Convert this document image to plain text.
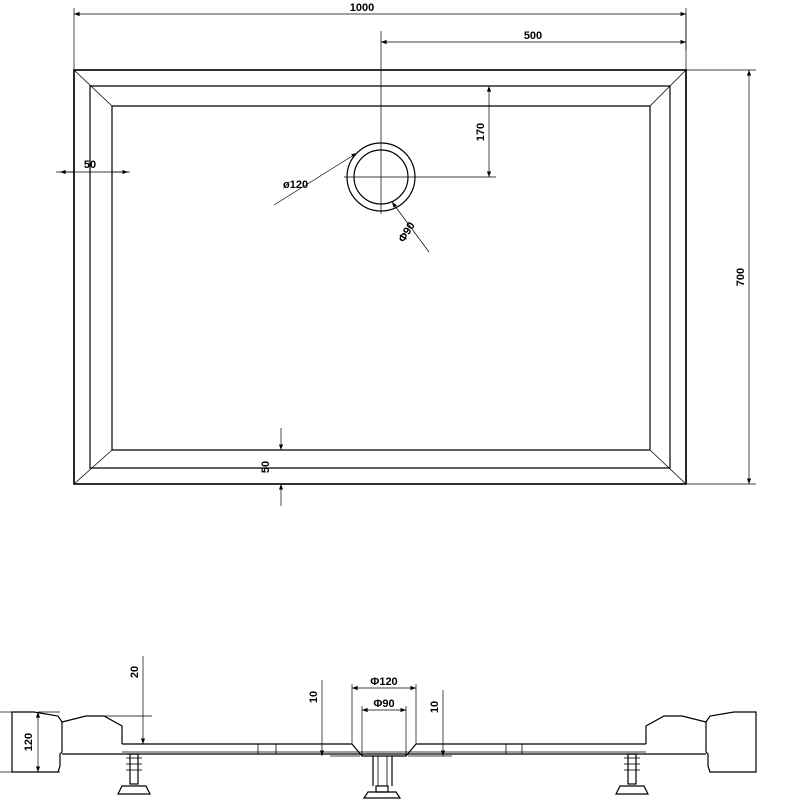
ø120
Φ90
1000
500
170
700
50
50
20
120
10
10
Φ120
Φ90
